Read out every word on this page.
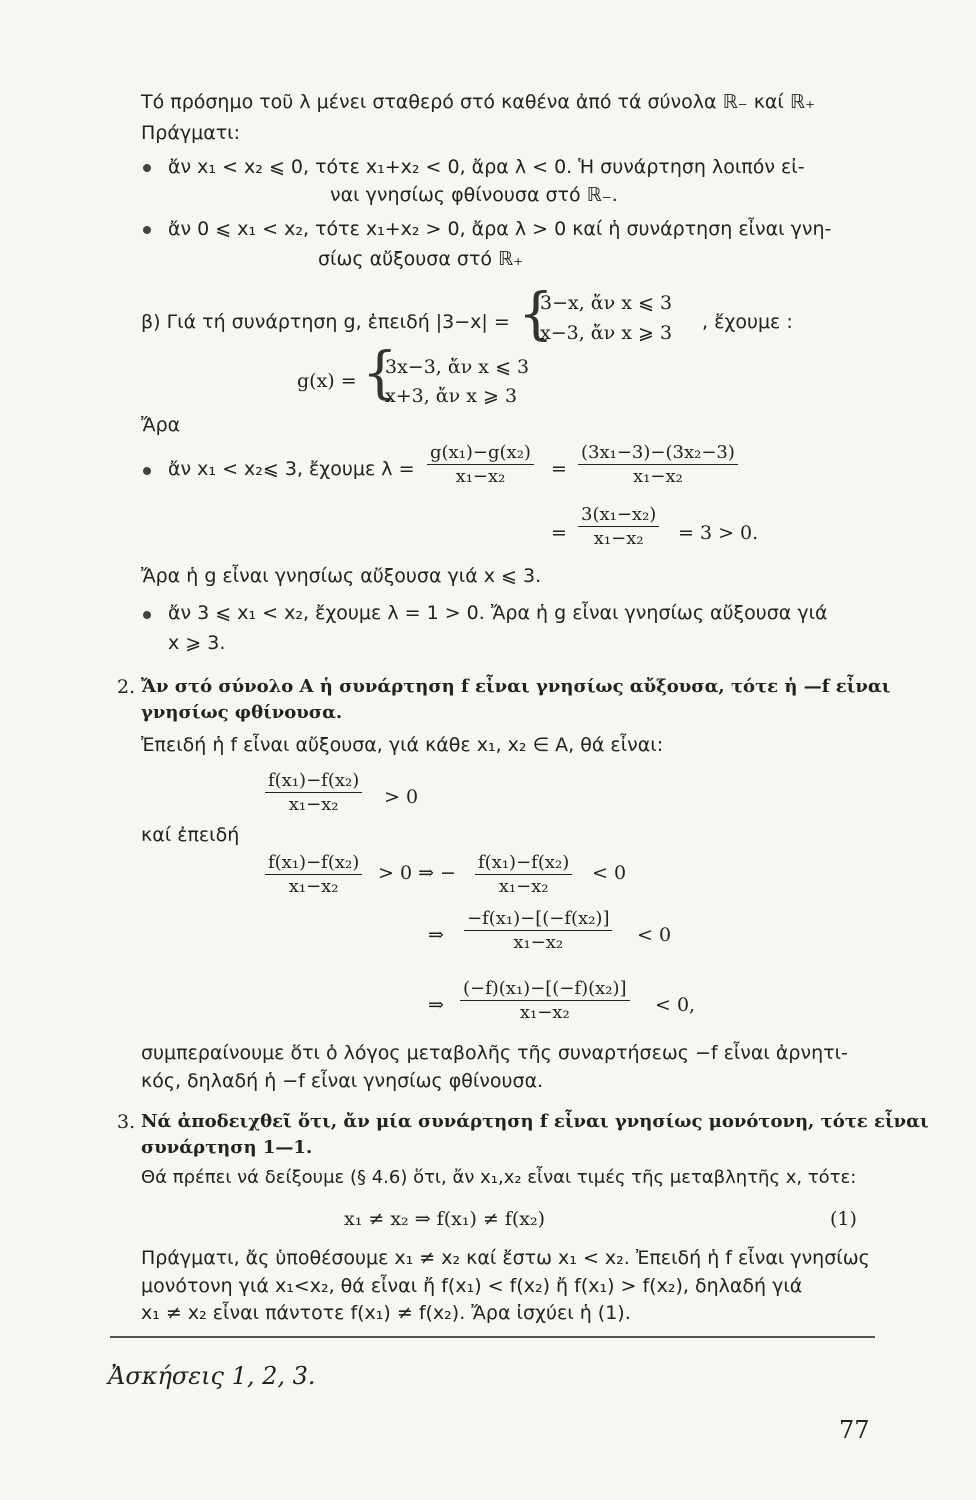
Τό πρόσημο τοῦ λ μένει σταθερό στό καθένα ἀπό τά σύνολα ℝ₋ καί ℝ₊
Πράγματι:
ἄν x₁ < x₂ ⩽ 0, τότε x₁+x₂ < 0, ἄρα λ < 0. Ἡ συνάρτηση λοιπόν εἰ-
ναι γνησίως φθίνουσα στό ℝ₋.
ἄν 0 ⩽ x₁ < x₂, τότε x₁+x₂ > 0, ἄρα λ > 0 καί ἡ συνάρτηση εἶναι γνη-
σίως αὔξουσα στό ℝ₊
β) Γιά τή συνάρτηση g, ἐπειδή |3−x| = {
3−x, ἄν x ⩽ 3
x−3, ἄν x ⩾ 3 , ἔχουμε :
g(x) = {
3x−3, ἄν x ⩽ 3
x+3, ἄν x ⩾ 3
Ἄρα
ἄν x₁ < x₂⩽ 3, ἔχουμε $\lambda = \frac{\text{g(x₁)−g(x₂)}}{\text{x₁−x₂}} = \frac{\text{(3x₁−3)−(3x₂−3)}}{\text{x₁−x₂}}$
= $\frac{\text{3(x₁−x₂)}}{\text{x₁−x₂}} = 3 > 0$.
Ἄρα ἡ g εἶναι γνησίως αὔξουσα γιά x ⩽ 3.
ἄν 3 ⩽ x₁ < x₂, ἔχουμε λ = 1 > 0. Ἄρα ἡ g εἶναι γνησίως αὔξουσα γιά
x ⩾ 3.
2. Ἄν στό σύνολο Α ἡ συνάρτηση f εἶναι γνησίως αὔξουσα, τότε ἡ —f εἶναι
γνησίως φθίνουσα.
Ἐπειδή ἡ f εἶναι αὔξουσα, γιά κάθε x₁, x₂ ∈ Α, θά εἶναι:
$\frac{\text{f(x₁)−f(x₂)}}{\text{x₁−x₂}} > 0$
καί ἐπειδή
$\frac{\text{f(x₁)−f(x₂)}}{\text{x₁−x₂}} > 0$ ⇒ − $\frac{\text{f(x₁)−f(x₂)}}{\text{x₁−x₂}} < 0$
⇒ $\frac{\text{−f(x₁)−[(−f(x₂)]}}{\text{x₁−x₂}} < 0$
⇒ $\frac{\text{(−f)(x₁)−[(−f)(x₂)]}}{\text{x₁−x₂}} < 0$,
συμπεραίνουμε ὅτι ὁ λόγος μεταβολῆς τῆς συναρτήσεως −f εἶναι ἀρνητι-
κός, δηλαδή ἡ −f εἶναι γνησίως φθίνουσα.
3. Νά ἀποδειχθεῖ ὅτι, ἄν μία συνάρτηση f εἶναι γνησίως μονότονη, τότε εἶναι
συνάρτηση 1—1.
Θά πρέπει νά δείξουμε (§ 4.6) ὅτι, ἄν x₁,x₂ εἶναι τιμές τῆς μεταβλητῆς x, τότε:
x₁ ≠ x₂ ⇒ f(x₁) ≠ f(x₂)	(1)
Πράγματι, ἄς ὑποθέσουμε x₁ ≠ x₂ καί ἔστω x₁ < x₂. Ἐπειδή ἡ f εἶναι γνησίως
μονότονη γιά x₁<x₂, θά εἶναι ἤ f(x₁) < f(x₂) ἤ f(x₁) > f(x₂), δηλαδή γιά
x₁ ≠ x₂ εἶναι πάντοτε f(x₁) ≠ f(x₂). Ἄρα ἰσχύει ἡ (1).
Ἀσκήσεις 1, 2, 3.
77
